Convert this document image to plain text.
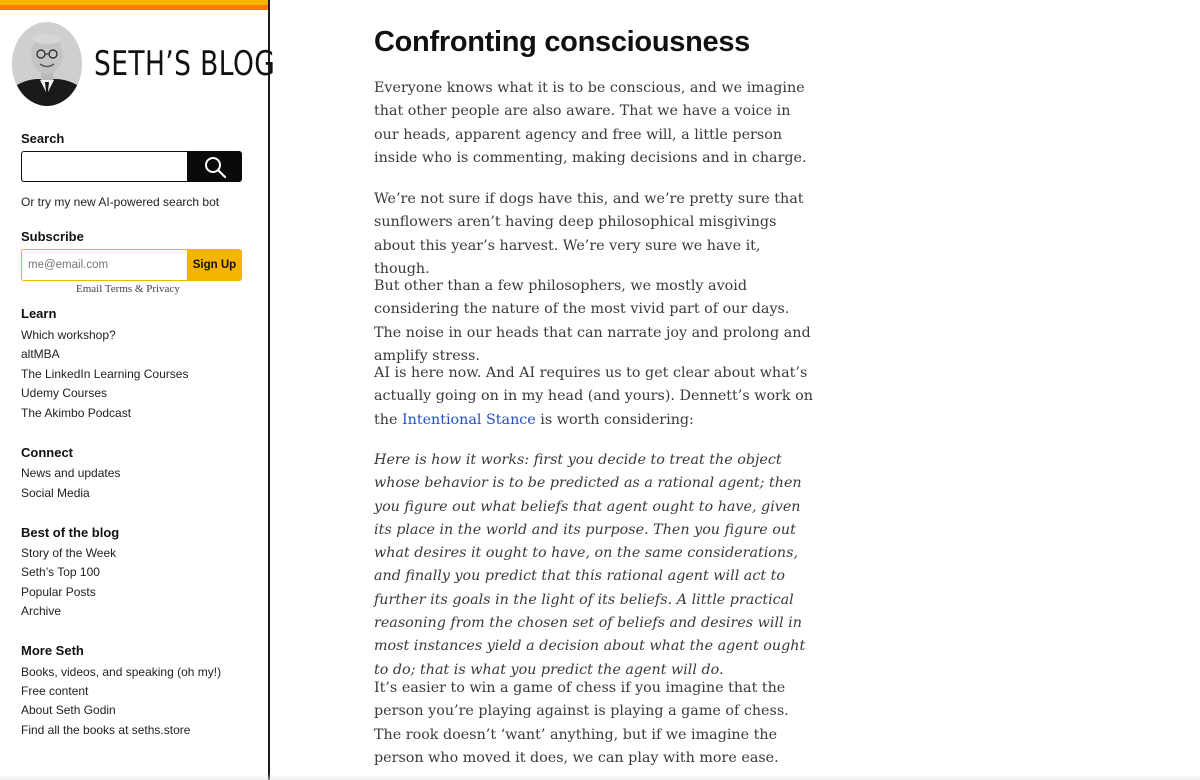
SETH’S BLOG
Search
Or try my new AI-powered search bot
Subscribe
me@email.com
Sign Up
Email Terms & Privacy
Learn
Which workshop?
altMBA
The LinkedIn Learning Courses
Udemy Courses
The Akimbo Podcast
Connect
News and updates
Social Media
Best of the blog
Story of the Week
Seth’s Top 100
Popular Posts
Archive
More Seth
Books, videos, and speaking (oh my!)
Free content
About Seth Godin
Find all the books at seths.store
Confronting consciousness

Everyone knows what it is to be conscious, and we imagine that other people are also aware. That we have a voice in our heads, apparent agency and free will, a little person inside who is commenting, making decisions and in charge.

We’re not sure if dogs have this, and we’re pretty sure that sunflowers aren’t having deep philosophical misgivings about this year’s harvest. We’re very sure we have it, though.

But other than a few philosophers, we mostly avoid considering the nature of the most vivid part of our days. The noise in our heads that can narrate joy and prolong and amplify stress.

AI is here now. And AI requires us to get clear about what’s actually going on in my head (and yours). Dennett’s work on the Intentional Stance is worth considering:

Here is how it works: first you decide to treat the object whose behavior is to be predicted as a rational agent; then you figure out what beliefs that agent ought to have, given its place in the world and its purpose. Then you figure out what desires it ought to have, on the same considerations, and finally you predict that this rational agent will act to further its goals in the light of its beliefs. A little practical reasoning from the chosen set of beliefs and desires will in most instances yield a decision about what the agent ought to do; that is what you predict the agent will do.

It’s easier to win a game of chess if you imagine that the person you’re playing against is playing a game of chess. The rook doesn’t ‘want’ anything, but if we imagine the person who moved it does, we can play with more ease.
